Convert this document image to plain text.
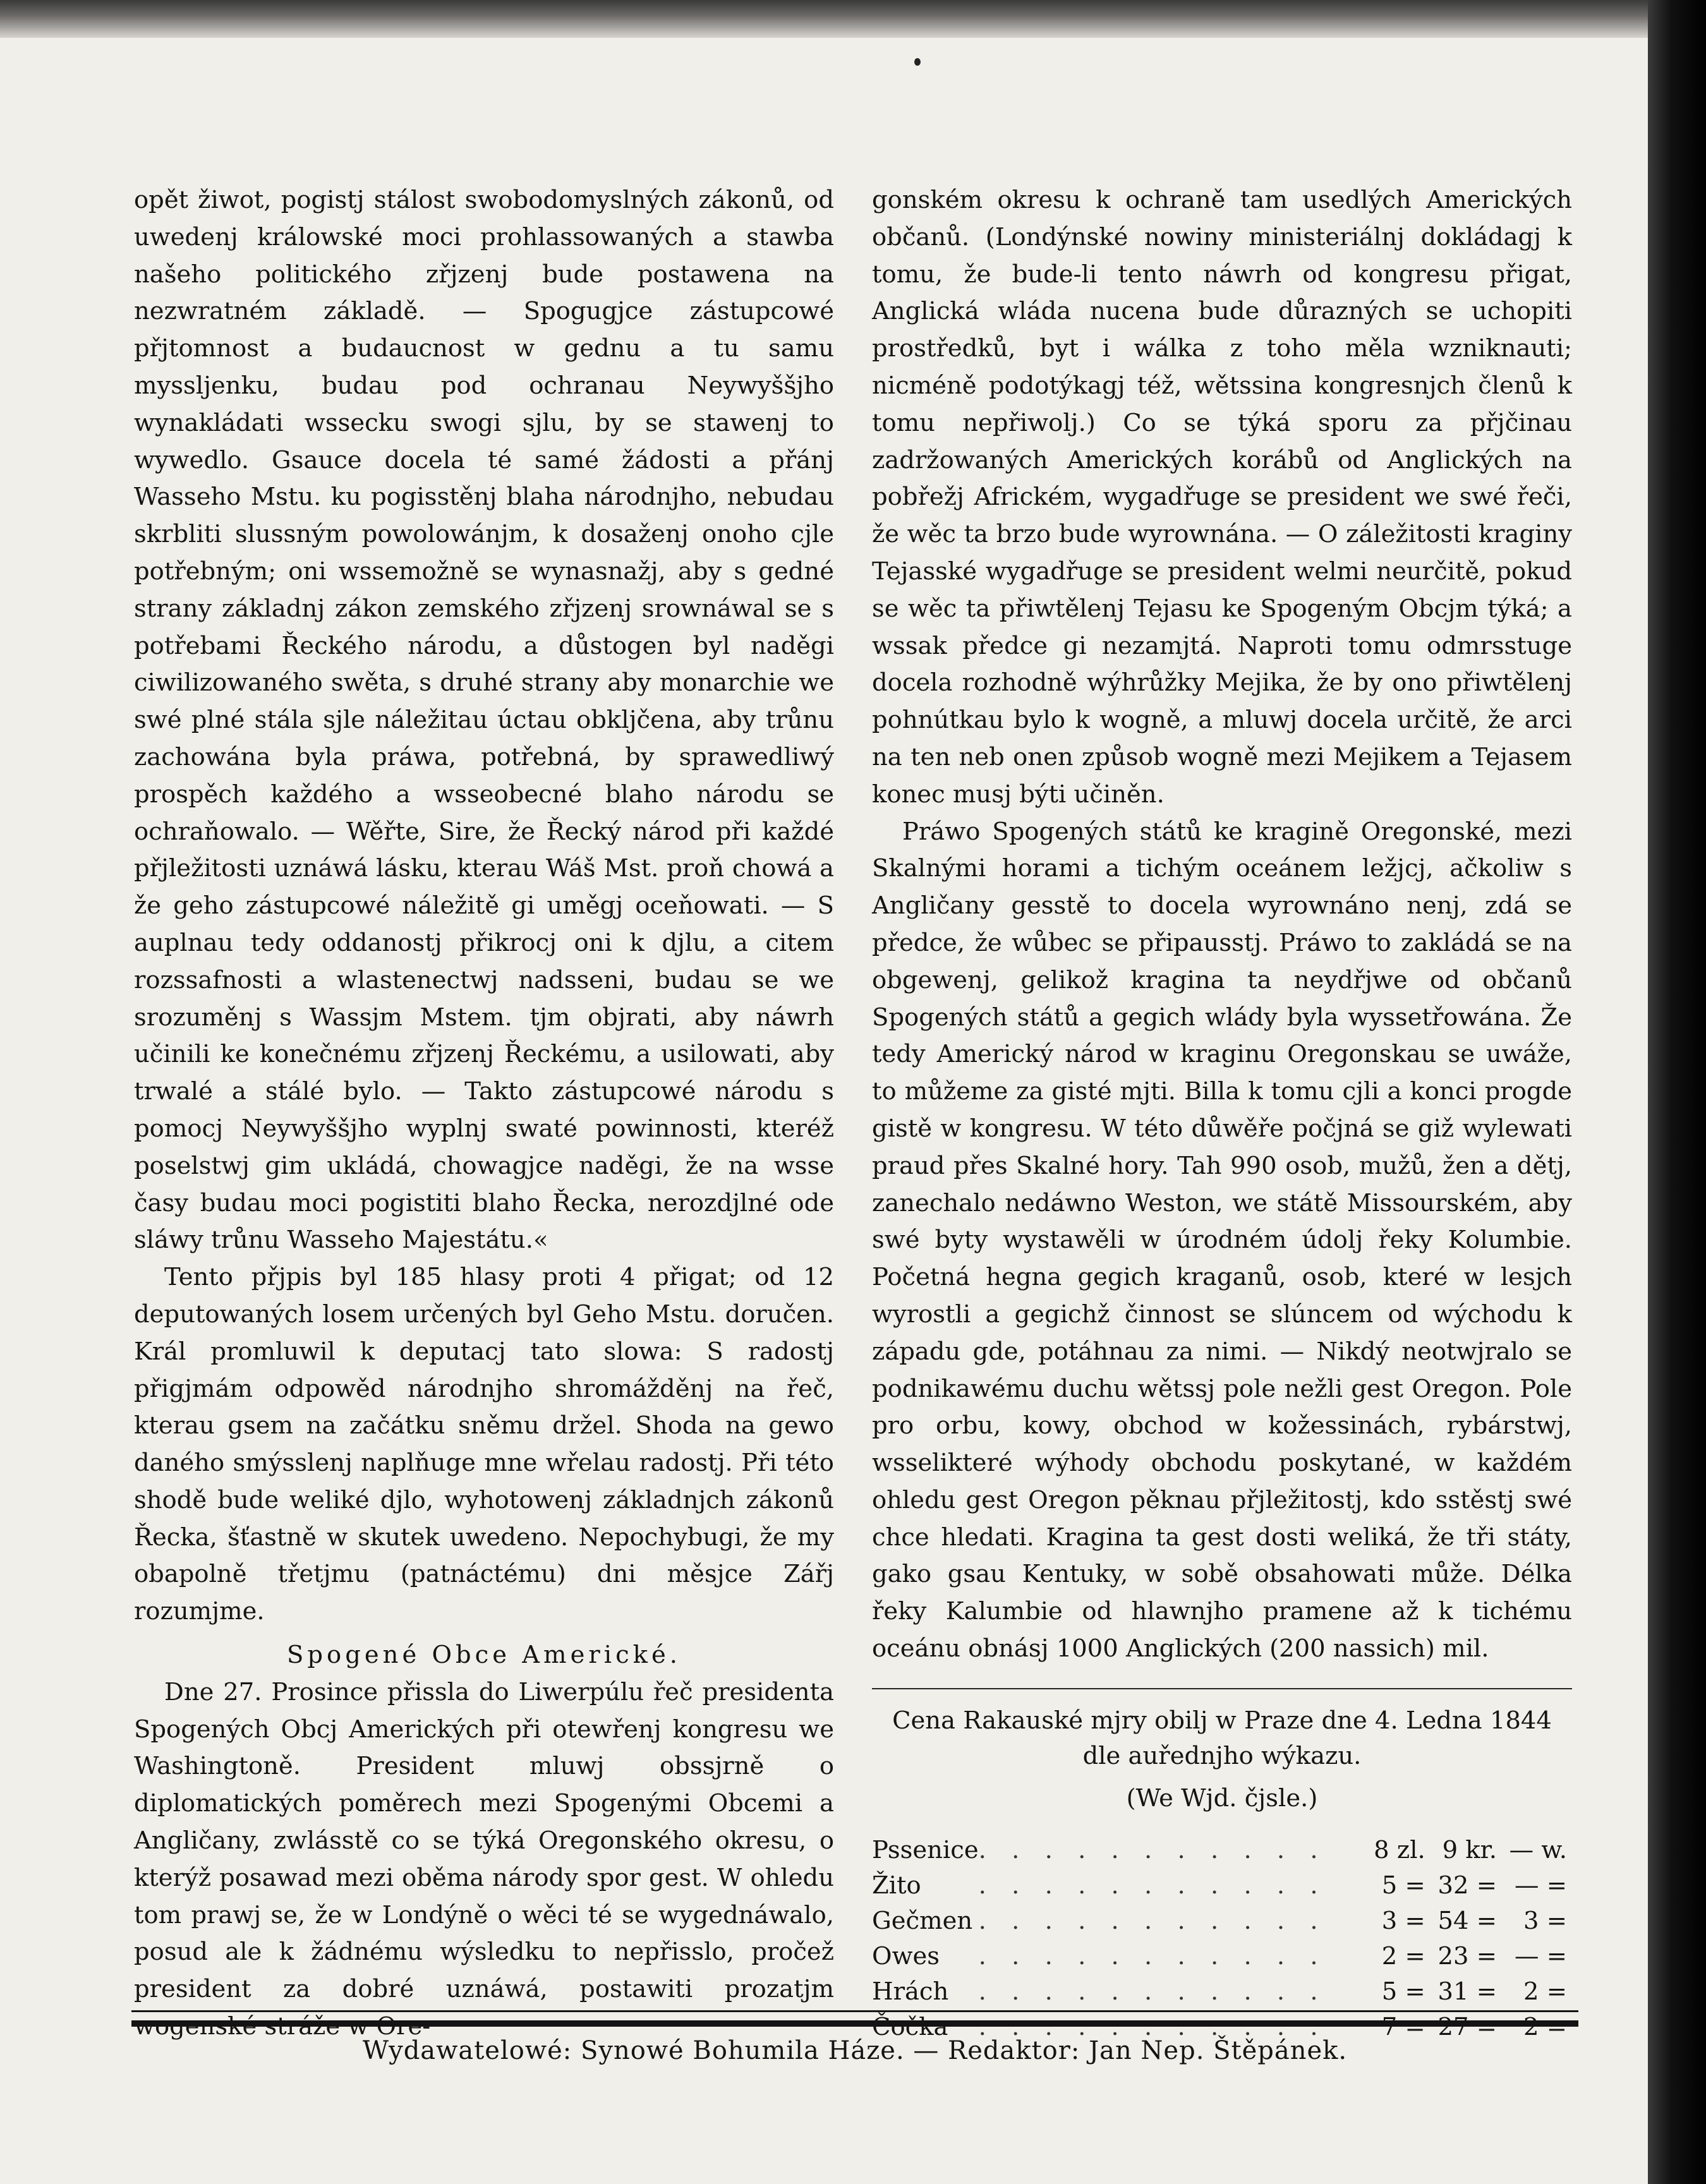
opět žiwot, pogistj stálost swobodomyslných zákonů, od uwedenj králowské moci prohlassowaných a stawba našeho politického zřjzenj bude postawena na nezwratném základě. — Spogugjce zástupcowé přjtomnost a budaucnost w gednu a tu samu myssljenku, budau pod ochranau Neywyššjho wynakládati wssecku swogi sjlu, by se stawenj to wywedlo. Gsauce docela té samé žádosti a přánj Wasseho Mstu. ku pogisstěnj blaha národnjho, nebudau skrbliti slussným powolowánjm, k dosaženj onoho cjle potřebným; oni wssemožně se wynasnažj, aby s gedné strany základnj zákon zemského zřjzenj srownáwal se s potřebami Řeckého národu, a důstogen byl naděgi ciwilizowaného swěta, s druhé strany aby monarchie we swé plné stála sjle náležitau úctau obkljčena, aby trůnu zachowána byla práwa, potřebná, by sprawedliwý prospěch každého a wsseobecné blaho národu se ochraňowalo. — Wěřte, Sire, že Řecký národ při každé přjležitosti uznáwá lásku, kterau Wáš Mst. proň chowá a že geho zástupcowé náležitě gi uměgj oceňowati. — S auplnau tedy oddanostj přikrocj oni k djlu, a citem rozssafnosti a wlastenectwj nadsseni, budau se we srozuměnj s Wassjm Mstem. tjm objrati, aby náwrh učinili ke konečnému zřjzenj Řeckému, a usilowati, aby trwalé a stálé bylo. — Takto zástupcowé národu s pomocj Neywyššjho wyplnj swaté powinnosti, kteréž poselstwj gim ukládá, chowagjce naděgi, že na wsse časy budau moci pogistiti blaho Řecka, nerozdjlné ode sláwy trůnu Wasseho Majestátu.«

Tento přjpis byl 185 hlasy proti 4 přigat; od 12 deputowaných losem určených byl Geho Mstu. doručen. Král promluwil k deputacj tato slowa: S radostj přigjmám odpowěd národnjho shromážděnj na řeč, kterau gsem na začátku sněmu držel. Shoda na gewo daného smýsslenj naplňuge mne wřelau radostj. Při této shodě bude weliké djlo, wyhotowenj základnjch zákonů Řecka, šťastně w skutek uwedeno. Nepochybugi, že my obapolně třetjmu (patnáctému) dni měsjce Zářj rozumjme.

Spogené Obce Americké.

Dne 27. Prosince přissla do Liwerpúlu řeč presidenta Spogených Obcj Amerických při otewřenj kongresu we Washingtoně. President mluwj obssjrně o diplomatických poměrech mezi Spogenými Obcemi a Angličany, zwlásstě co se týká Oregonského okresu, o kterýž posawad mezi oběma národy spor gest. W ohledu tom prawj se, že w Londýně o wěci té se wygednáwalo, posud ale k žádnému wýsledku to nepřisslo, pročež president za dobré uznáwá, postawiti prozatjm wogenské stráže w Ore-

gonském okresu k ochraně tam usedlých Amerických občanů. (Londýnské nowiny ministeriálnj dokládagj k tomu, že bude-li tento náwrh od kongresu přigat, Anglická wláda nucena bude důrazných se uchopiti prostředků, byt i wálka z toho měla wzniknauti; nicméně podotýkagj též, wětssina kongresnjch členů k tomu nepřiwolj.) Co se týká sporu za přjčinau zadržowaných Amerických korábů od Anglických na pobřežj Africkém, wygadřuge se president we swé řeči, že wěc ta brzo bude wyrownána. — O záležitosti kraginy Tejasské wygadřuge se president welmi neurčitě, pokud se wěc ta přiwtělenj Tejasu ke Spogeným Obcjm týká; a wssak předce gi nezamjtá. Naproti tomu odmrsstuge docela rozhodně wýhrůžky Mejika, že by ono přiwtělenj pohnútkau bylo k wogně, a mluwj docela určitě, že arci na ten neb onen způsob wogně mezi Mejikem a Tejasem konec musj býti učiněn.

Práwo Spogených států ke kragině Oregonské, mezi Skalnými horami a tichým oceánem ležjcj, ačkoliw s Angličany gesstě to docela wyrownáno nenj, zdá se předce, že wůbec se připausstj. Práwo to zakládá se na obgewenj, gelikož kragina ta neydřjwe od občanů Spogených států a gegich wlády byla wyssetřowána. Že tedy Americký národ w kraginu Oregonskau se uwáže, to můžeme za gisté mjti. Billa k tomu cjli a konci progde gistě w kongresu. W této důwěře počjná se giž wylewati praud přes Skalné hory. Tah 990 osob, mužů, žen a dětj, zanechalo nedáwno Weston, we státě Missourském, aby swé byty wystawěli w úrodném údolj řeky Kolumbie. Početná hegna gegich kraganů, osob, které w lesjch wyrostli a gegichž činnost se slúncem od wýchodu k západu gde, potáhnau za nimi. — Nikdý neotwjralo se podnikawému duchu wětssj pole nežli gest Oregon. Pole pro orbu, kowy, obchod w kožessinách, rybárstwj, wsselikteré wýhody obchodu poskytané, w každém ohledu gest Oregon pěknau přjležitostj, kdo sstěstj swé chce hledati. Kragina ta gest dosti weliká, že tři státy, gako gsau Kentuky, w sobě obsahowati může. Délka řeky Kalumbie od hlawnjho pramene až k tichému oceánu obnásj 1000 Anglických (200 nassich) mil.

Cena Rakauské mjry obilj w Praze dne 4. Ledna 1844 dle auřednjho wýkazu.

(We Wjd. čjsle.)

Pssenice	. . . . . . . . . . .	8 zl.	9 kr.	— w.
Žito	. . . . . . . . . . .	5 =	32 =	— =
Gečmen	. . . . . . . . . . .	3 =	54 =	3 =
Owes	. . . . . . . . . . .	2 =	23 =	— =
Hrách	. . . . . . . . . . .	5 =	31 =	2 =
Čočka	. . . . . . . . . . .	7 =	27 =	2 =
Wydawatelowé: Synowé Bohumila Háze. — Redaktor: Jan Nep. Štěpánek.
